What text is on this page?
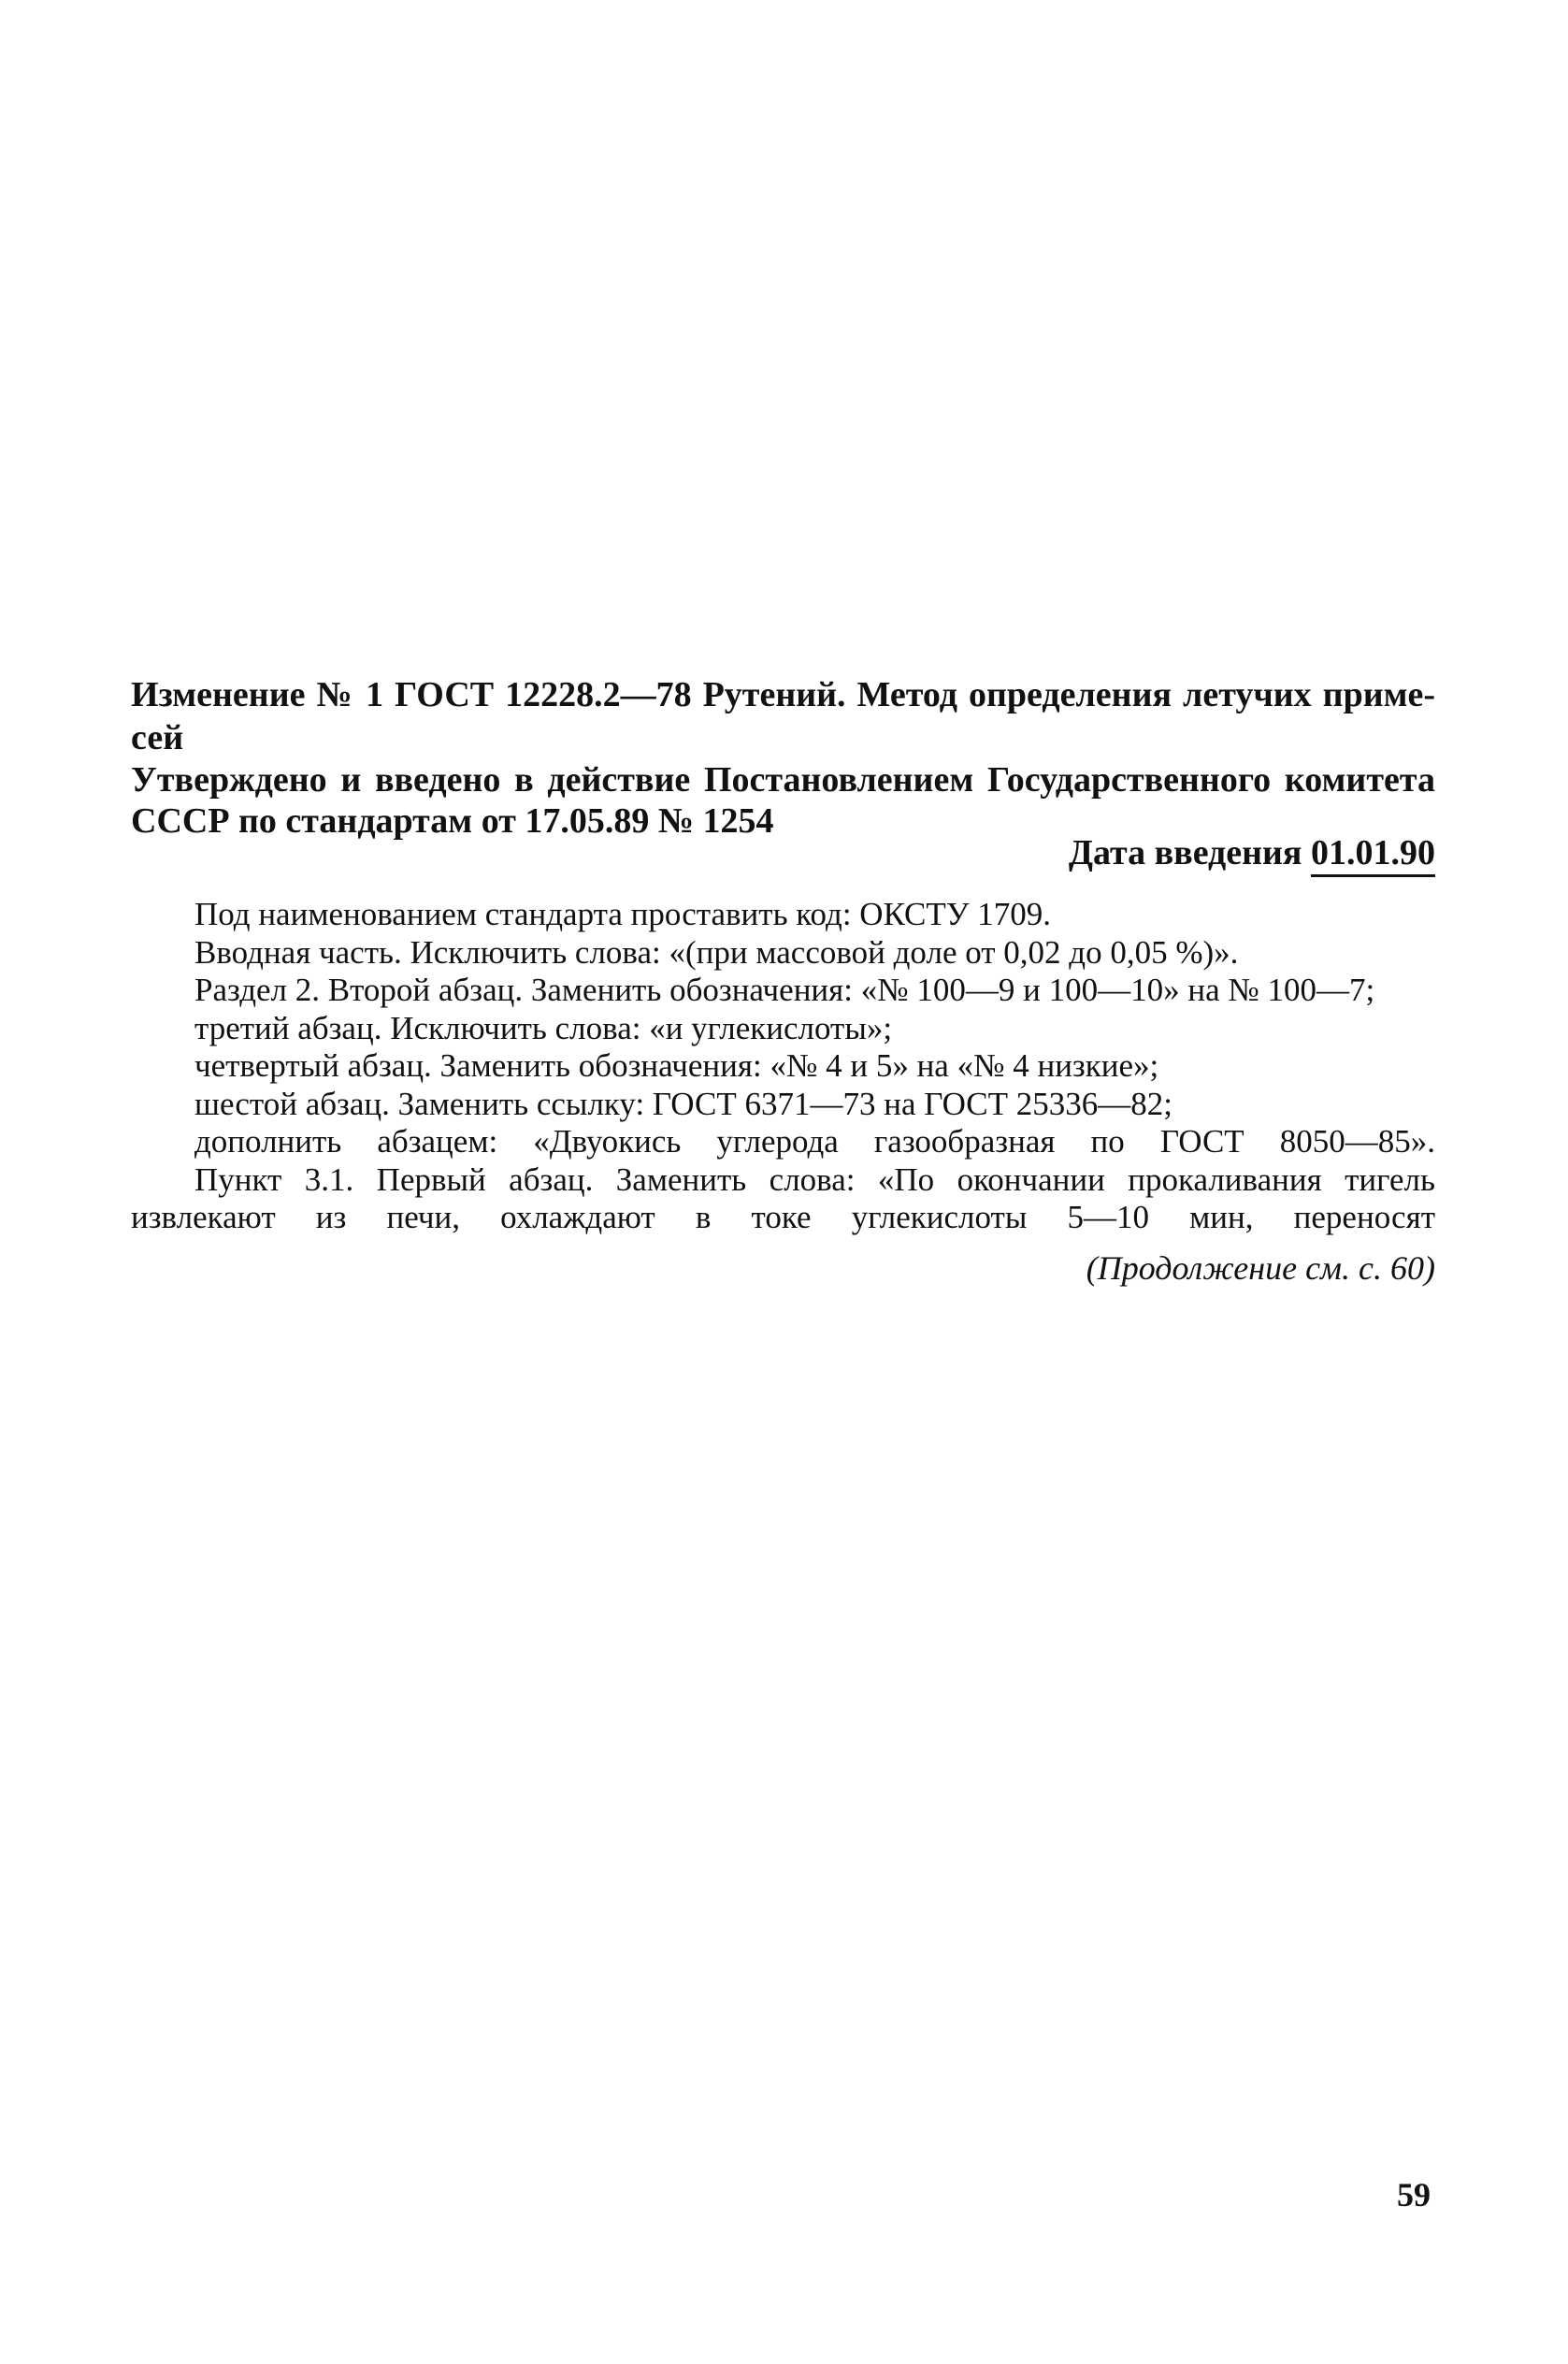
Изменение № 1 ГОСТ 12228.2—78 Рутений. Метод определения летучих примесей
Утверждено и введено в действие Постановлением Государственного комитета СССР по стандартам от 17.05.89 № 1254
Дата введения 01.01.90

Под наименованием стандарта проставить код: ОКСТУ 1709.

Вводная часть. Исключить слова: «(при массовой доле от 0,02 до 0,05 %)».

Раздел 2. Второй абзац. Заменить обозначения: «№ 100—9 и 100—10» на № 100—7;

третий абзац. Исключить слова: «и углекислоты»;

четвертый абзац. Заменить обозначения: «№ 4 и 5» на «№ 4 низкие»;

шестой абзац. Заменить ссылку: ГОСТ 6371—73 на ГОСТ 25336—82;

дополнить абзацем: «Двуокись углерода газообразная по ГОСТ 8050—85».

Пункт 3.1. Первый абзац. Заменить слова: «По окончании прокаливания тигель извлекают из печи, охлаждают в токе углекислоты 5—10 мин, переносят

(Продолжение см. с. 60)
59
